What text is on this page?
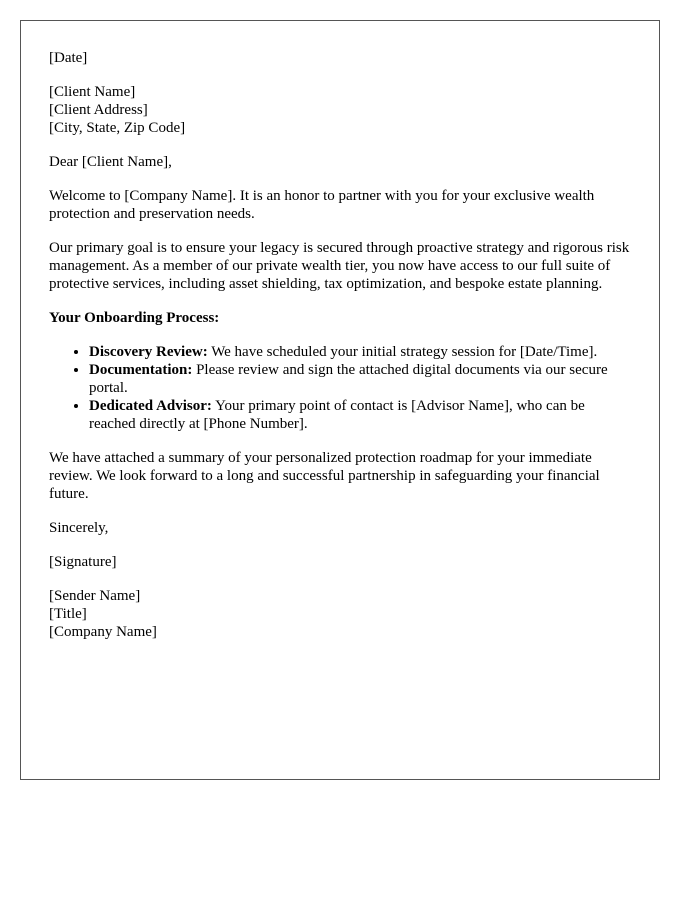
[Date]

[Client Name]
[Client Address]
[City, State, Zip Code]

Dear [Client Name],

Welcome to [Company Name]. It is an honor to partner with you for your exclusive wealth protection and preservation needs.

Our primary goal is to ensure your legacy is secured through proactive strategy and rigorous risk management. As a member of our private wealth tier, you now have access to our full suite of protective services, including asset shielding, tax optimization, and bespoke estate planning.

Your Onboarding Process:

• Discovery Review: We have scheduled your initial strategy session for [Date/Time].
• Documentation: Please review and sign the attached digital documents via our secure portal.
• Dedicated Advisor: Your primary point of contact is [Advisor Name], who can be reached directly at [Phone Number].

We have attached a summary of your personalized protection roadmap for your immediate review. We look forward to a long and successful partnership in safeguarding your financial future.

Sincerely,

[Signature]

[Sender Name]
[Title]
[Company Name]
